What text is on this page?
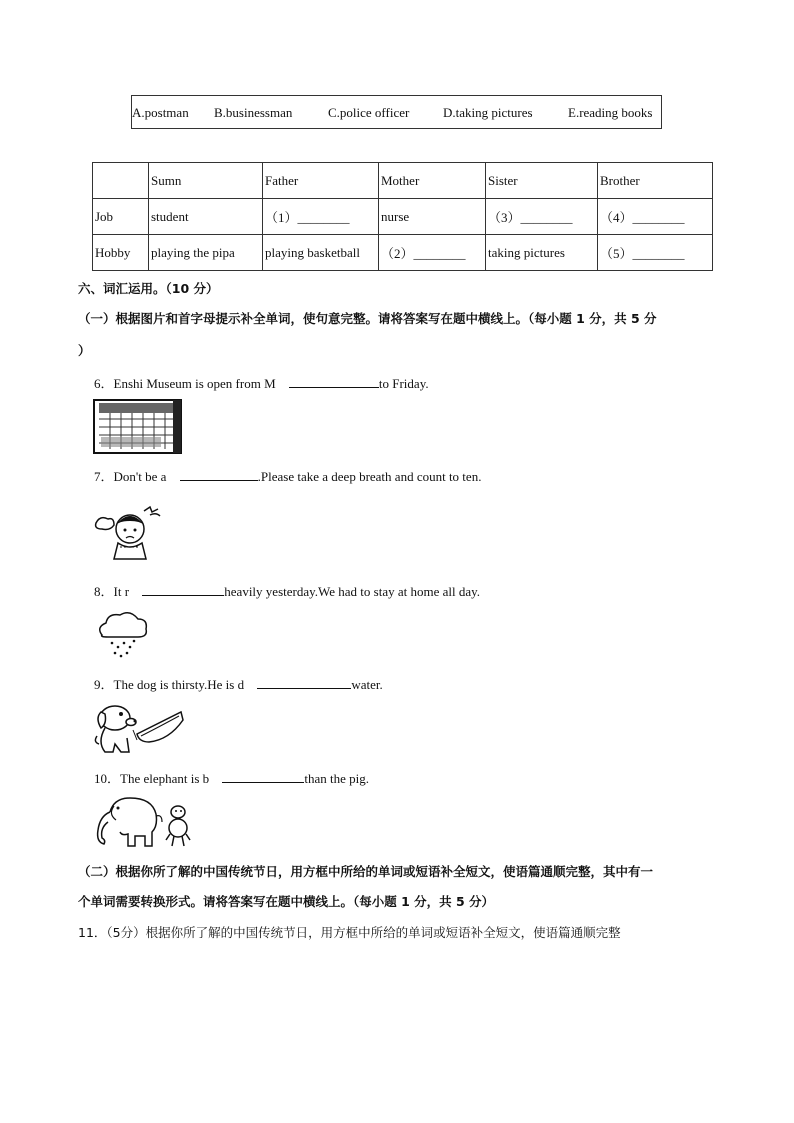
A.postman B.businessman	C.police officer	D.taking pictures	E.reading books
	Sumn	Father	Mother	Sister	Brother
Job	student	（1）________	nurse	（3）________	（4）________
Hobby	playing the pipa	playing basketball	（2）________	taking pictures	（5）________
六、词汇运用。（10 分）
（一）根据图片和首字母提示补全单词，使句意完整。请将答案写在题中横线上。（每小题 1 分，共 5 分
）
6．Enshi Museum is open from M	to Friday.
7．Don't be a	.Please take a deep breath and count to ten.
8．It r	heavily yesterday.We had to stay at home all day.
9．The dog is thirsty.He is d	water.
10．The elephant is b	than the pig.
（二）根据你所了解的中国传统节日，用方框中所给的单词或短语补全短文，使语篇通顺完整，其中有一
个单词需要转换形式。请将答案写在题中横线上。（每小题 1 分，共 5 分）
11．（5分）根据你所了解的中国传统节日，用方框中所给的单词或短语补全短文，使语篇通顺完整
